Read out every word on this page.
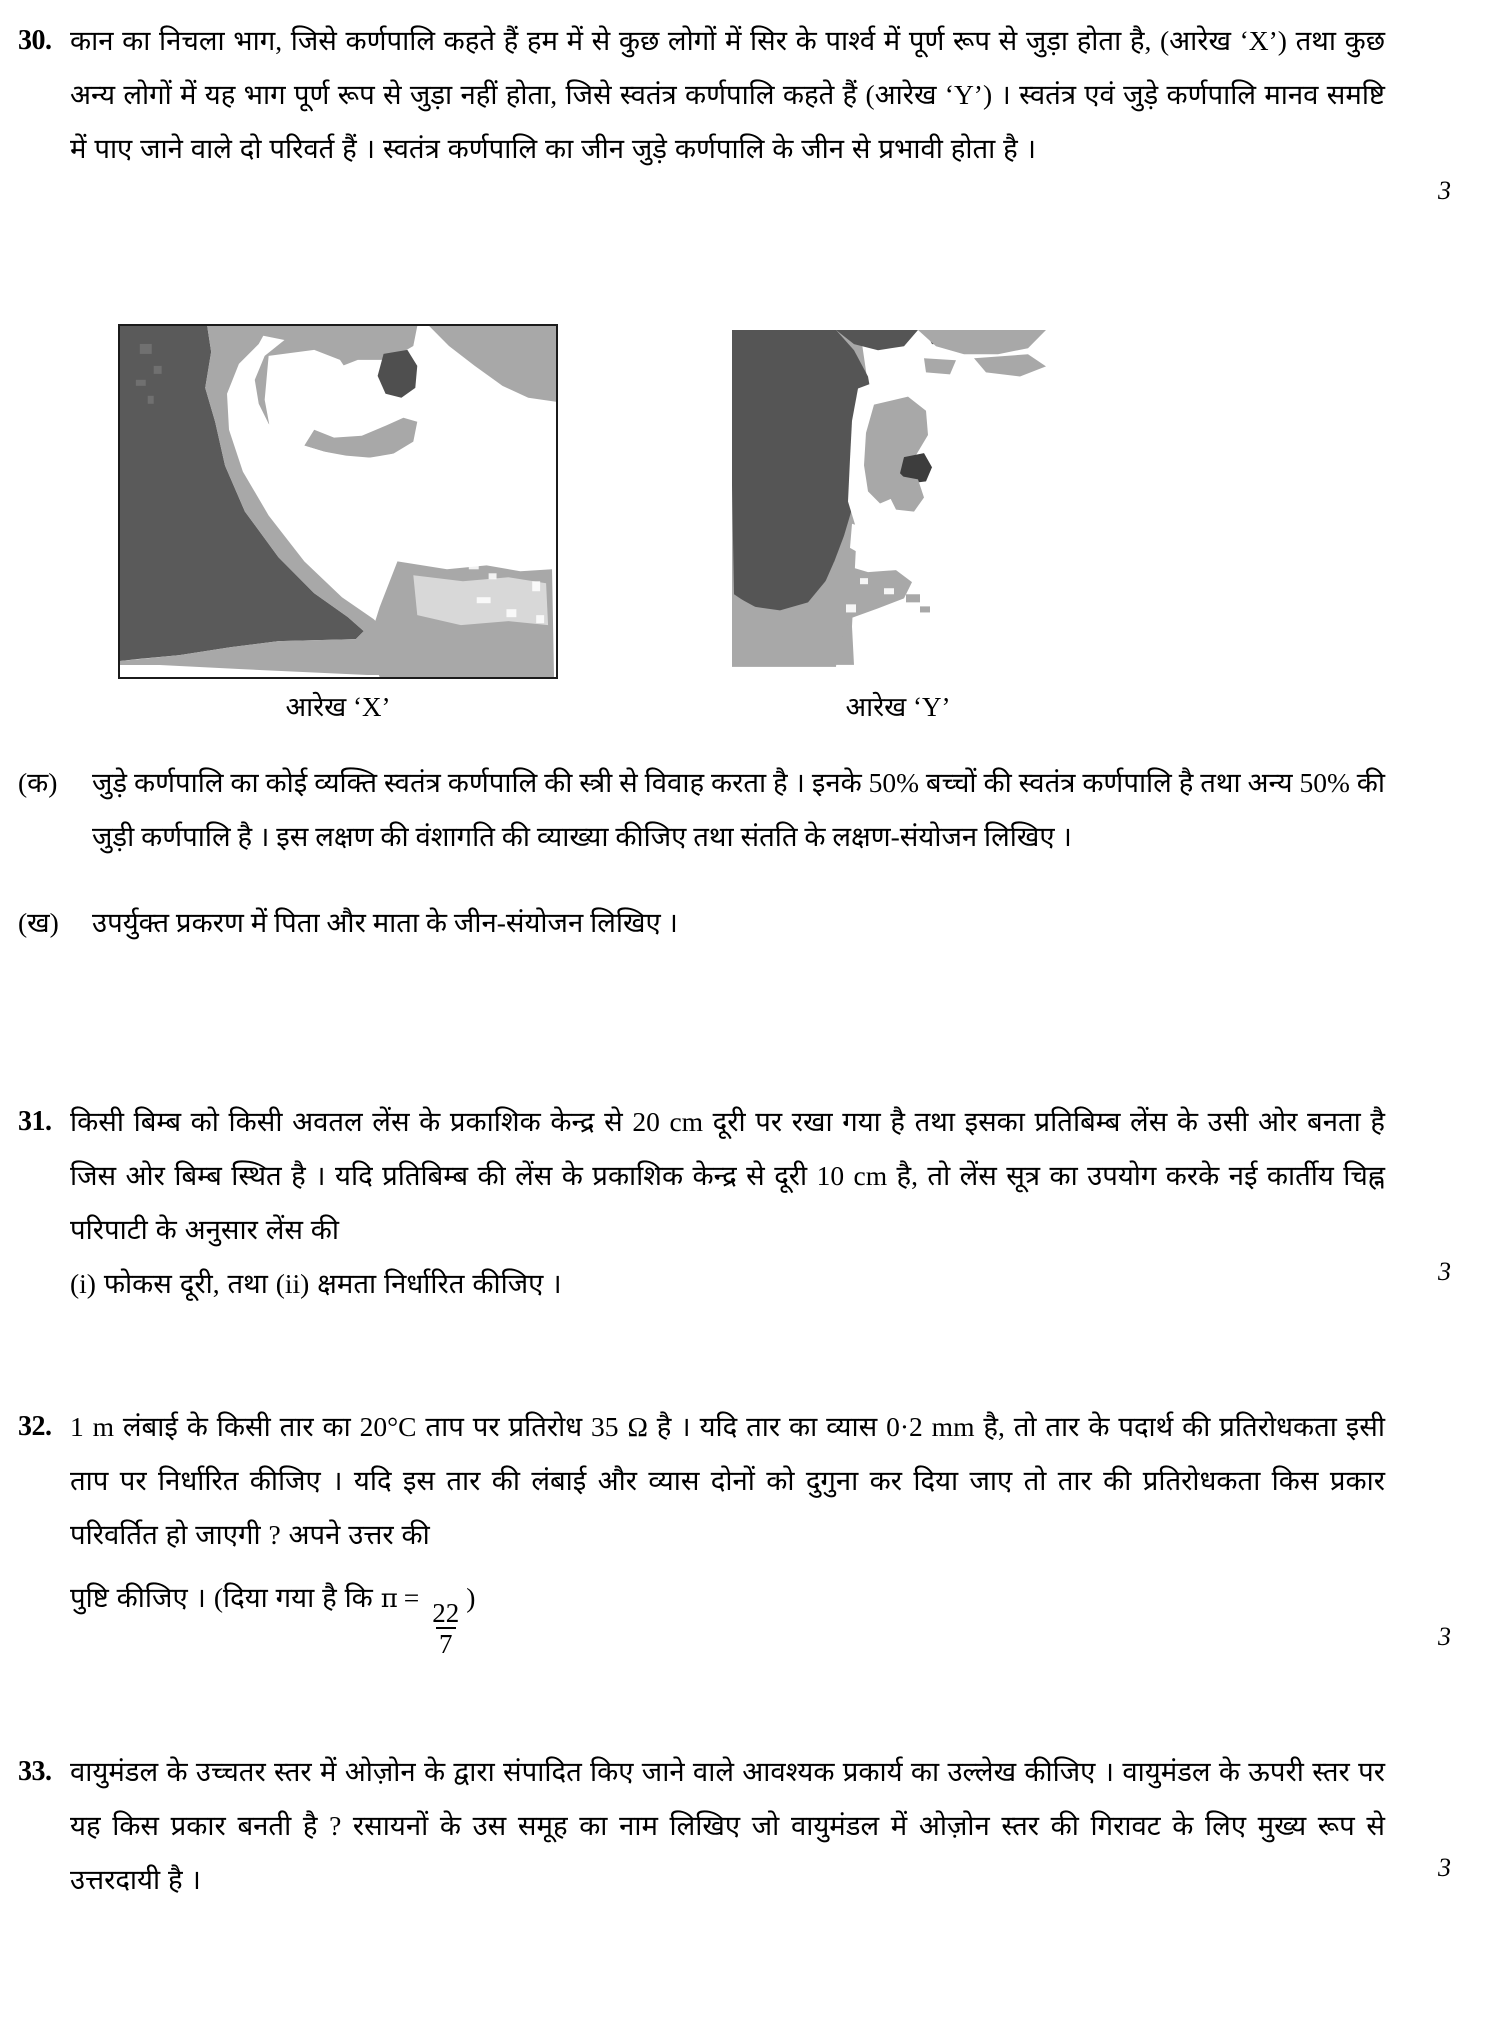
30. कान का निचला भाग, जिसे कर्णपालि कहते हैं हम में से कुछ लोगों में सिर के पार्श्व में पूर्ण रूप से जुड़ा होता है, (आरेख ‘X’) तथा कुछ अन्य लोगों में यह भाग पूर्ण रूप से जुड़ा नहीं होता, जिसे स्वतंत्र कर्णपालि कहते हैं (आरेख ‘Y’) । स्वतंत्र एवं जुड़े कर्णपालि मानव समष्टि में पाए जाने वाले दो परिवर्त हैं । स्वतंत्र कर्णपालि का जीन जुड़े कर्णपालि के जीन से प्रभावी होता है ।
3
आरेख ‘X’	आरेख ‘Y’
(क)	जुड़े कर्णपालि का कोई व्यक्ति स्वतंत्र कर्णपालि की स्त्री से विवाह करता है । इनके 50% बच्चों की स्वतंत्र कर्णपालि है तथा अन्य 50% की जुड़ी कर्णपालि है । इस लक्षण की वंशागति की व्याख्या कीजिए तथा संतति के लक्षण-संयोजन लिखिए ।
(ख)	उपर्युक्त प्रकरण में पिता और माता के जीन-संयोजन लिखिए ।
31. किसी बिम्ब को किसी अवतल लेंस के प्रकाशिक केन्द्र से 20 cm दूरी पर रखा गया है तथा इसका प्रतिबिम्ब लेंस के उसी ओर बनता है जिस ओर बिम्ब स्थित है । यदि प्रतिबिम्ब की लेंस के प्रकाशिक केन्द्र से दूरी 10 cm है, तो लेंस सूत्र का उपयोग करके नई कार्तीय चिह्न परिपाटी के अनुसार लेंस की
(i) फोकस दूरी, तथा (ii) क्षमता निर्धारित कीजिए ।	3
32. 1 m लंबाई के किसी तार का 20°C ताप पर प्रतिरोध 35 Ω है । यदि तार का व्यास 0·2 mm है, तो तार के पदार्थ की प्रतिरोधकता इसी ताप पर निर्धारित कीजिए । यदि इस तार की लंबाई और व्यास दोनों को दुगुना कर दिया जाए तो तार की प्रतिरोधकता किस प्रकार परिवर्तित हो जाएगी ? अपने उत्तर की
पुष्टि कीजिए । (दिया गया है कि π =
$\frac{22}{7}$
)
3
33. वायुमंडल के उच्चतर स्तर में ओज़ोन के द्वारा संपादित किए जाने वाले आवश्यक प्रकार्य का उल्लेख कीजिए । वायुमंडल के ऊपरी स्तर पर यह किस प्रकार बनती है ? रसायनों के उस समूह का नाम लिखिए जो वायुमंडल में ओज़ोन स्तर की गिरावट के लिए मुख्य रूप से उत्तरदायी है ।	3
